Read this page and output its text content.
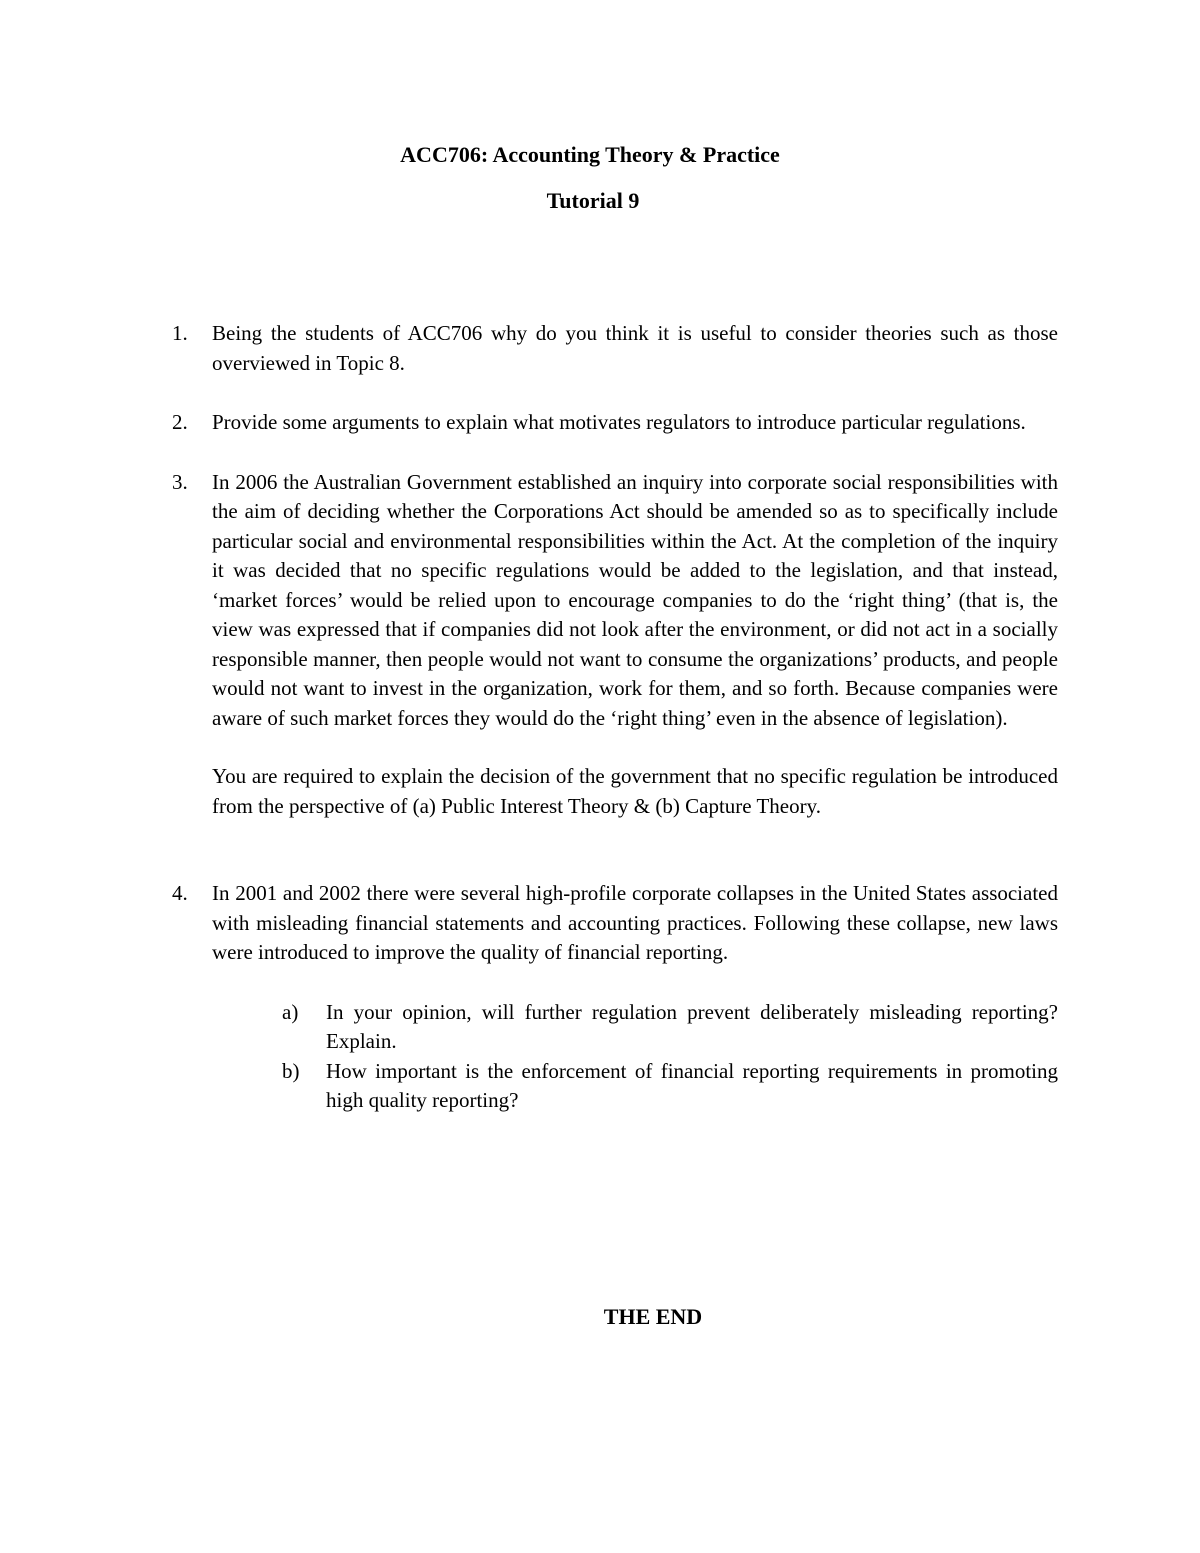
ACC706: Accounting Theory & Practice
Tutorial 9
1. Being the students of ACC706 why do you think it is useful to consider theories such as those overviewed in Topic 8.
2. Provide some arguments to explain what motivates regulators to introduce particular regulations.
3. In 2006 the Australian Government established an inquiry into corporate social responsibilities with the aim of deciding whether the Corporations Act should be amended so as to specifically include particular social and environmental responsibilities within the Act. At the completion of the inquiry it was decided that no specific regulations would be added to the legislation, and that instead, ‘market forces’ would be relied upon to encourage companies to do the ‘right thing’ (that is, the view was expressed that if companies did not look after the environment, or did not act in a socially responsible manner, then people would not want to consume the organizations’ products, and people would not want to invest in the organization, work for them, and so forth. Because companies were aware of such market forces they would do the ‘right thing’ even in the absence of legislation).
You are required to explain the decision of the government that no specific regulation be introduced from the perspective of (a) Public Interest Theory & (b) Capture Theory.
4. In 2001 and 2002 there were several high-profile corporate collapses in the United States associated with misleading financial statements and accounting practices. Following these collapse, new laws were introduced to improve the quality of financial reporting.
a) In your opinion, will further regulation prevent deliberately misleading reporting? Explain.
b) How important is the enforcement of financial reporting requirements in promoting high quality reporting?
THE END
